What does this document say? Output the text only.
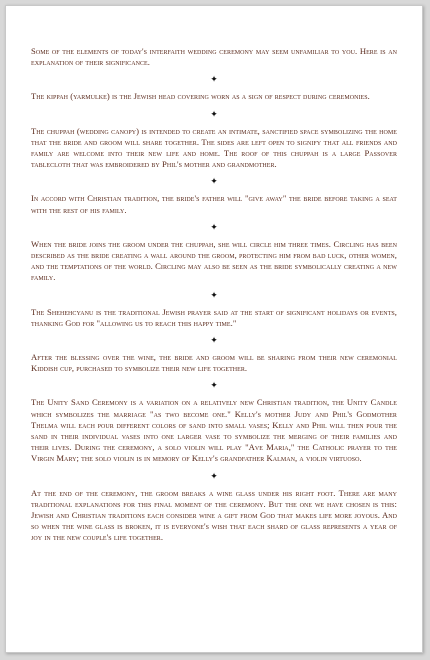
Some of the elements of today's interfaith wedding ceremony may seem unfamiliar to you. Here is an explanation of their significance.

✦

The kippah (yarmulke) is the Jewish head covering worn as a sign of respect during ceremonies.

✦

The chuppah (wedding canopy) is intended to create an intimate, sanctified space symbolizing the home that the bride and groom will share together. The sides are left open to signify that all friends and family are welcome into their new life and home. The roof of this chuppah is a large Passover tablecloth that was embroidered by Phil's mother and grandmother.

✦

In accord with Christian tradition, the bride's father will "give away" the bride before taking a seat with the rest of his family.

✦

When the bride joins the groom under the chuppah, she will circle him three times. Circling has been described as the bride creating a wall around the groom, protecting him from bad luck, other women, and the temptations of the world. Circling may also be seen as the bride symbolically creating a new family.

✦

The Shehehcyanu is the traditional Jewish prayer said at the start of significant holidays or events, thanking God for "allowing us to reach this happy time."

✦

After the blessing over the wine, the bride and groom will be sharing from their new ceremonial Kiddish cup, purchased to symbolize their new life together.

✦

The Unity Sand Ceremony is a variation on a relatively new Christian tradition, the Unity Candle which symbolizes the marriage "as two become one." Kelly's mother Judy and Phil's Godmother Thelma will each pour different colors of sand into small vases; Kelly and Phil will then pour the sand in their individual vases into one larger vase to symbolize the merging of their families and their lives. During the ceremony, a solo violin will play "Ave Maria," the Catholic prayer to the Virgin Mary; the solo violin is in memory of Kelly's grandfather Kalman, a violin virtuoso.

✦

At the end of the ceremony, the groom breaks a wine glass under his right foot. There are many traditional explanations for this final moment of the ceremony. But the one we have chosen is this: Jewish and Christian traditions each consider wine a gift from God that makes life more joyous. And so when the wine glass is broken, it is everyone's wish that each shard of glass represents a year of joy in the new couple's life together.
